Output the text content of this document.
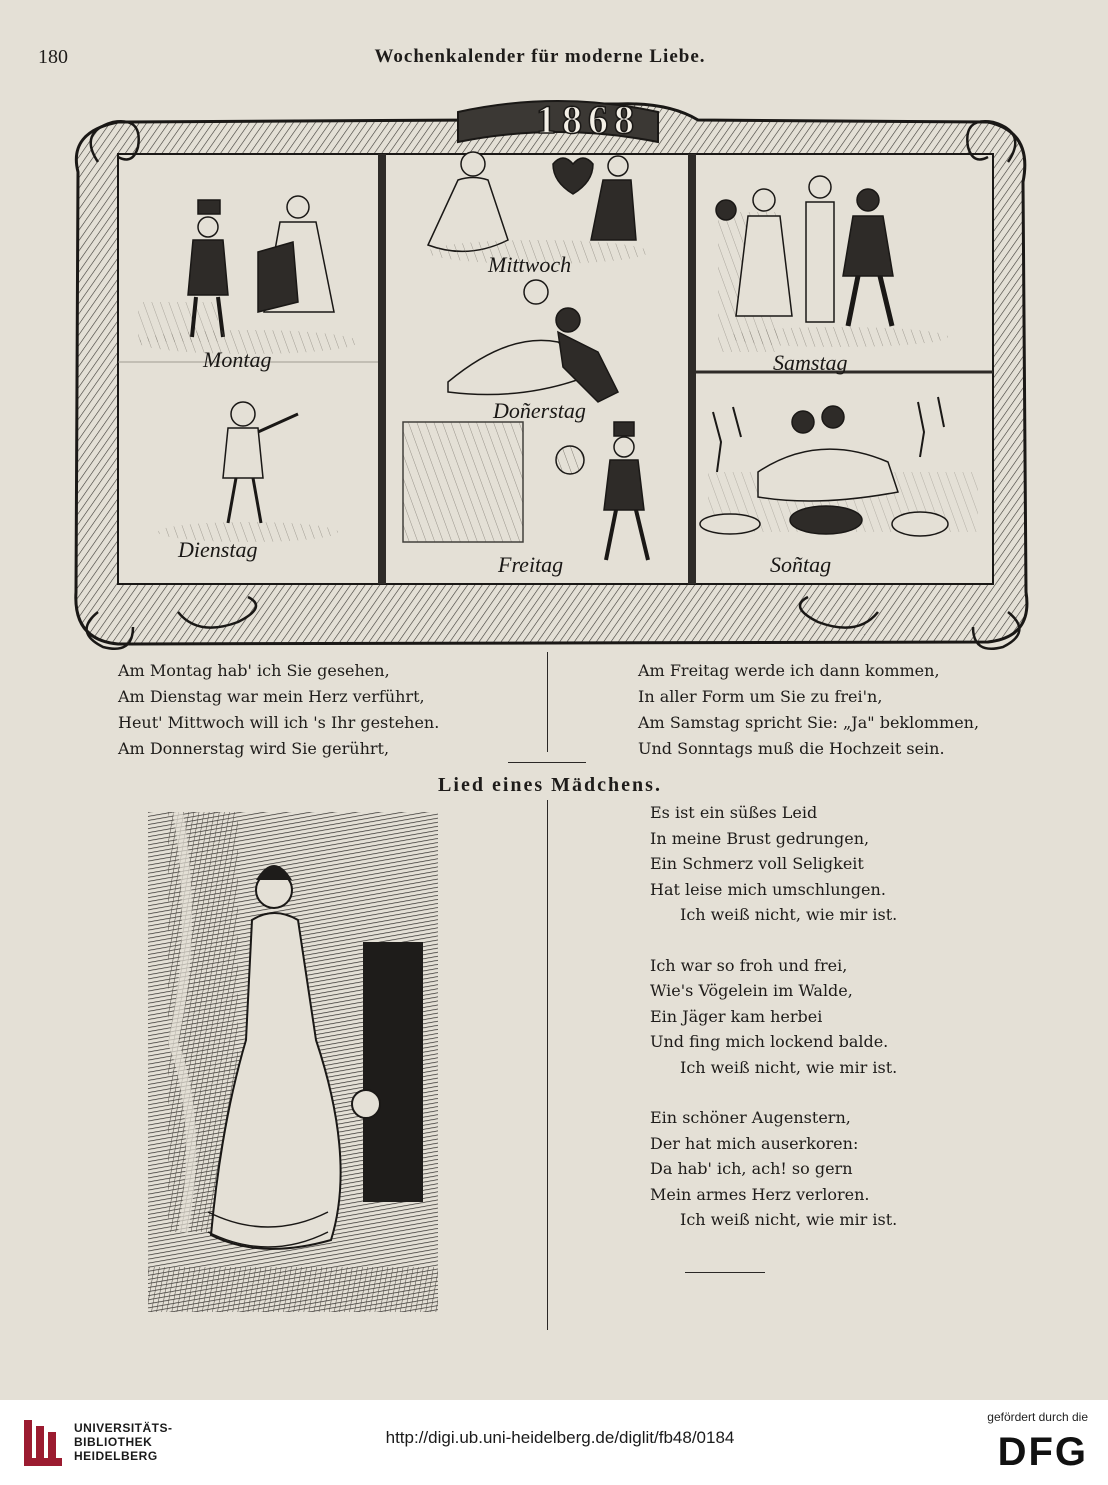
180	Wochenkalender für moderne Liebe.
1868
Montag
Dienstag
Mittwoch
Doñerstag
Freitag
Samstag
Soñtag
Am Montag hab' ich Sie gesehen,
Am Dienstag war mein Herz verführt,
Heut' Mittwoch will ich 's Ihr gestehen.
Am Donnerstag wird Sie gerührt,
Am Freitag werde ich dann kommen,
In aller Form um Sie zu frei'n,
Am Samstag spricht Sie: „Ja" beklommen,
Und Sonntags muß die Hochzeit sein.
Lied eines Mädchens.
Es ist ein süßes Leid
In meine Brust gedrungen,
Ein Schmerz voll Seligkeit
Hat leise mich umschlungen.
Ich weiß nicht, wie mir ist.
Ich war so froh und frei,
Wie's Vögelein im Walde,
Ein Jäger kam herbei
Und fing mich lockend balde.
Ich weiß nicht, wie mir ist.
Ein schöner Augenstern,
Der hat mich auserkoren:
Da hab' ich, ach! so gern
Mein armes Herz verloren.
Ich weiß nicht, wie mir ist.
UNIVERSITÄTS-
BIBLIOTHEK
HEIDELBERG
http://digi.ub.uni-heidelberg.de/diglit/fb48/0184
gefördert durch die
DFG
